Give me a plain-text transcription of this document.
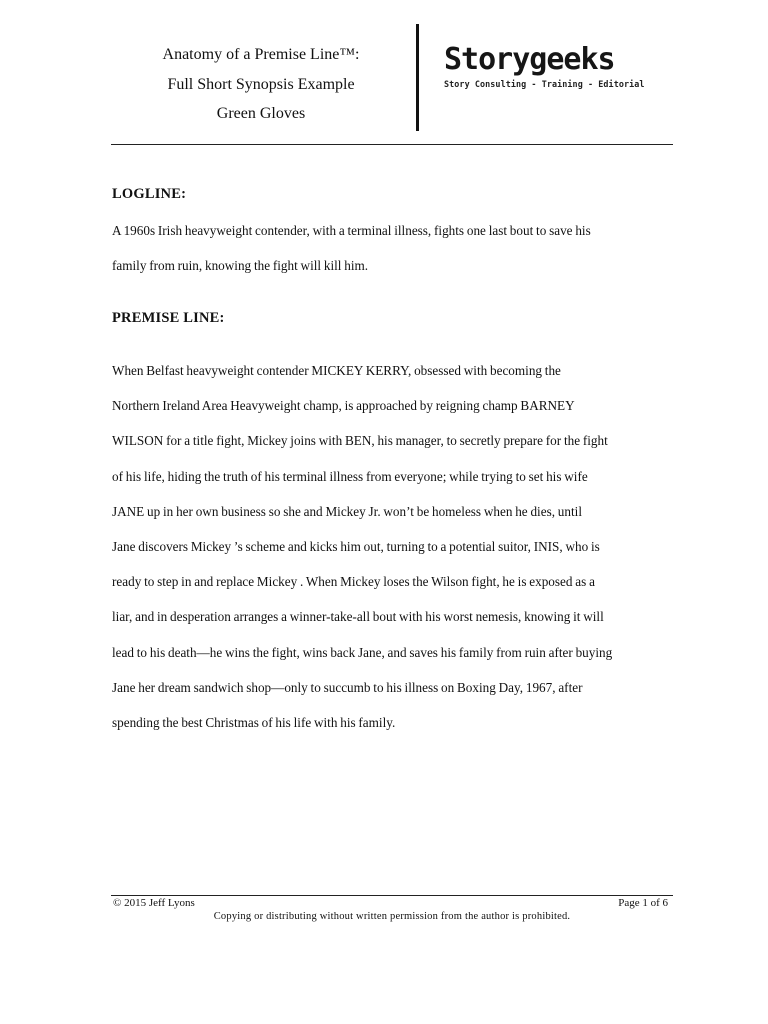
Anatomy of a Premise Line™:
Full Short Synopsis Example
Green Gloves
Storygeeks
Story Consulting - Training - Editorial
LOGLINE:
A 1960s Irish heavyweight contender, with a terminal illness, fights one last bout to save his
family from ruin, knowing the fight will kill him.
PREMISE LINE:
When Belfast heavyweight contender MICKEY KERRY, obsessed with becoming the
Northern Ireland Area Heavyweight champ, is approached by reigning champ BARNEY
WILSON for a title fight, Mickey joins with BEN, his manager, to secretly prepare for the fight
of his life, hiding the truth of his terminal illness from everyone; while trying to set his wife
JANE up in her own business so she and Mickey Jr. won’t be homeless when he dies, until
Jane discovers Mickey ’s scheme and kicks him out, turning to a potential suitor, INIS, who is
ready to step in and replace Mickey . When Mickey loses the Wilson fight, he is exposed as a
liar, and in desperation arranges a winner-take-all bout with his worst nemesis, knowing it will
lead to his death—he wins the fight, wins back Jane, and saves his family from ruin after buying
Jane her dream sandwich shop—only to succumb to his illness on Boxing Day, 1967, after
spending the best Christmas of his life with his family.
© 2015 Jeff Lyons	Page 1 of 6
Copying or distributing without written permission from the author is prohibited.
